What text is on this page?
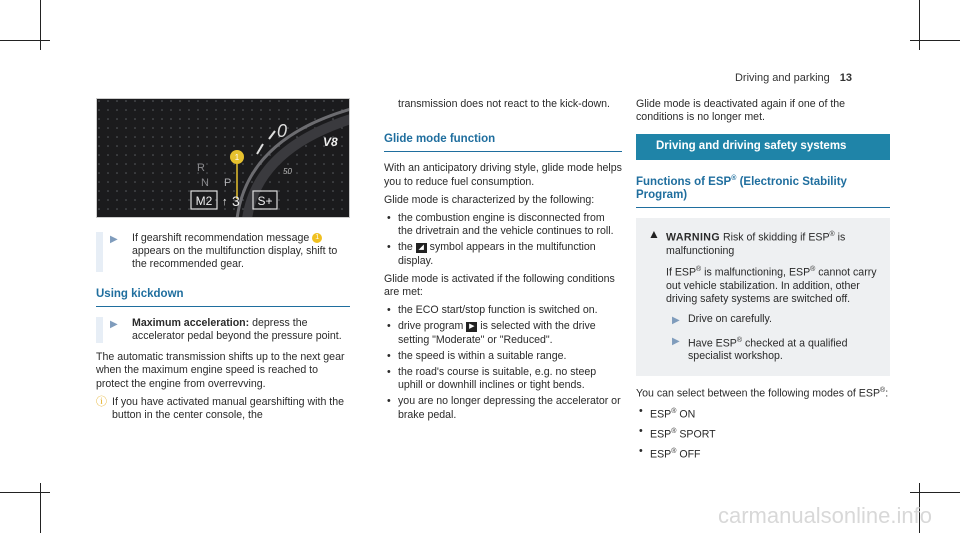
Driving and parking 13
0
50
V8
1
R
N P
M2 ↑ 3 S+
▶ If gearshift recommendation message 1 appears on the multifunction display, shift to the recommended gear.
Using kickdown
▶ Maximum acceleration: depress the accelerator pedal beyond the pressure point.

The automatic transmission shifts up to the next gear when the maximum engine speed is reached to protect the engine from overrevving.

ⓘ If you have activated manual gearshifting with the button in the center console, the

transmission does not react to the kick-down.

Glide mode function

With an anticipatory driving style, glide mode helps you to reduce fuel consumption.

Glide mode is characterized by the following:

• the combustion engine is disconnected from the drivetrain and the vehicle continues to roll.
• the ◢ symbol appears in the multifunction display.

Glide mode is activated if the following conditions are met:

• the ECO start/stop function is switched on.
• drive program ▶ is selected with the drive setting "Moderate" or "Reduced".
• the speed is within a suitable range.
• the road's course is suitable, e.g. no steep uphill or downhill inclines or tight bends.
• you are no longer depressing the accelerator or brake pedal.

Glide mode is deactivated again if one of the conditions is no longer met.

Driving and driving safety systems
Functions of ESP® (Electronic Stability Program)
▲ WARNING Risk of skidding if ESP® is malfunctioning

If ESP® is malfunctioning, ESP® cannot carry out vehicle stabilization. In addition, other driving safety systems are switched off.

▶ Drive on carefully.
▶ Have ESP® checked at a qualified specialist workshop.

You can select between the following modes of ESP®:

• ESP® ON
• ESP® SPORT
• ESP® OFF
carmanualsonline.info
